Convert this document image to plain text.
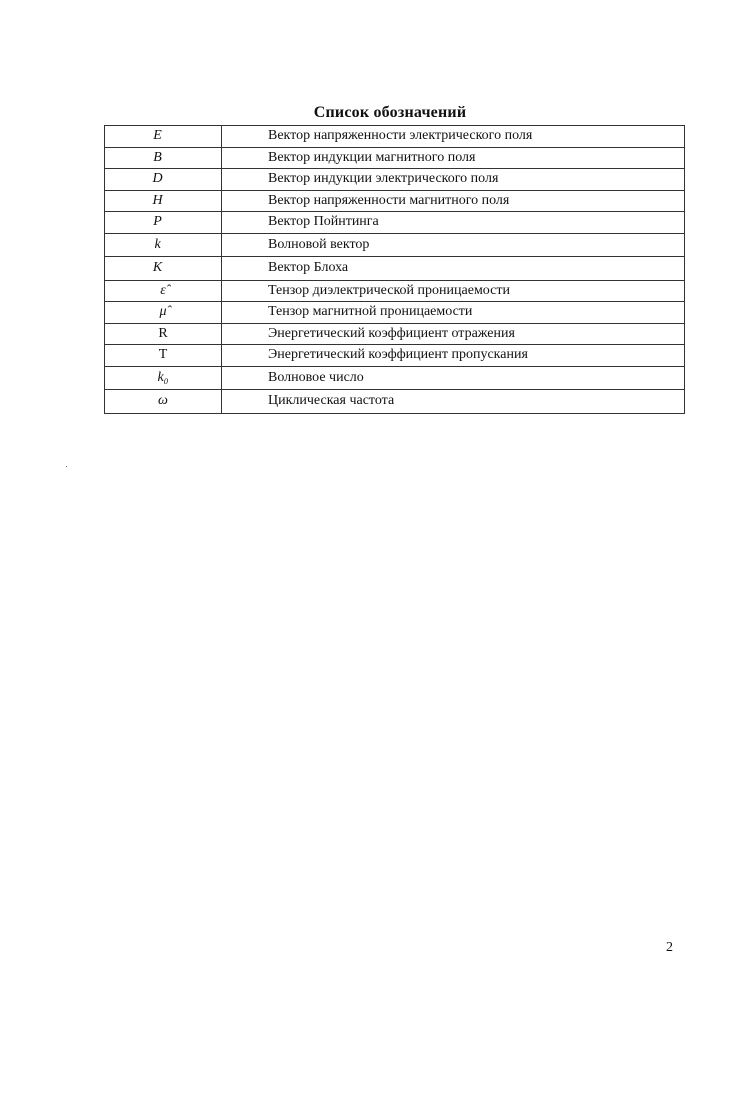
Список обозначений
E⃗	Вектор напряженности электрического поля
B⃗	Вектор индукции магнитного поля
D⃗	Вектор индукции электрического поля
H⃗	Вектор напряженности магнитного поля
P⃗	Вектор Пойнтинга
k⃗	Волновой вектор
K⃗	Вектор Блоха
ε̂	Тензор диэлектрической проницаемости
μ̂	Тензор магнитной проницаемости
R	Энергетический коэффициент отражения
T	Энергетический коэффициент пропускания
k₀	Волновое число
ω	Циклическая частота
2
